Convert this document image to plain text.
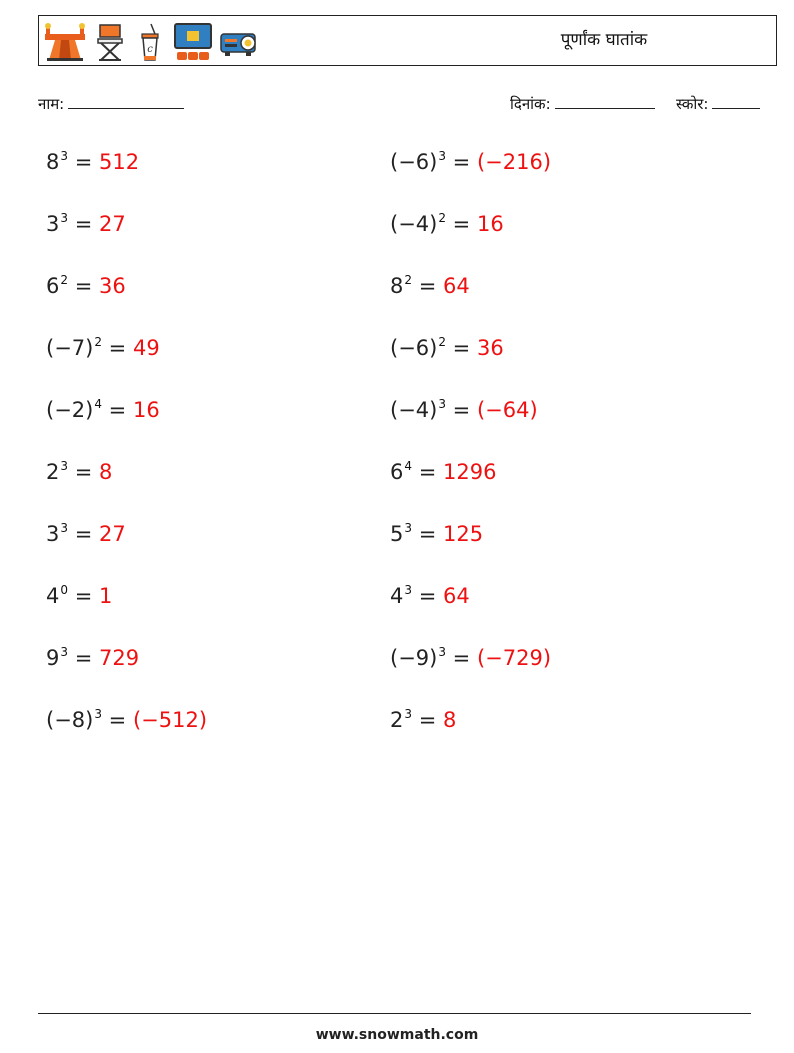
c	पूर्णांक घातांक
नाम:	दिनांक:	स्कोर:
$8^3 = 512$
$3^3 = 27$
$6^2 = 36$
$(-7)^2 = 49$
$(-2)^4 = 16$
$2^3 = 8$
$3^3 = 27$
$4^0 = 1$
$9^3 = 729$
$(-8)^3 = (-512)$
$(-6)^3 = (-216)$
$(-4)^2 = 16$
$8^2 = 64$
$(-6)^2 = 36$
$(-4)^3 = (-64)$
$6^4 = 1296$
$5^3 = 125$
$4^3 = 64$
$(-9)^3 = (-729)$
$2^3 = 8$
www.snowmath.com
